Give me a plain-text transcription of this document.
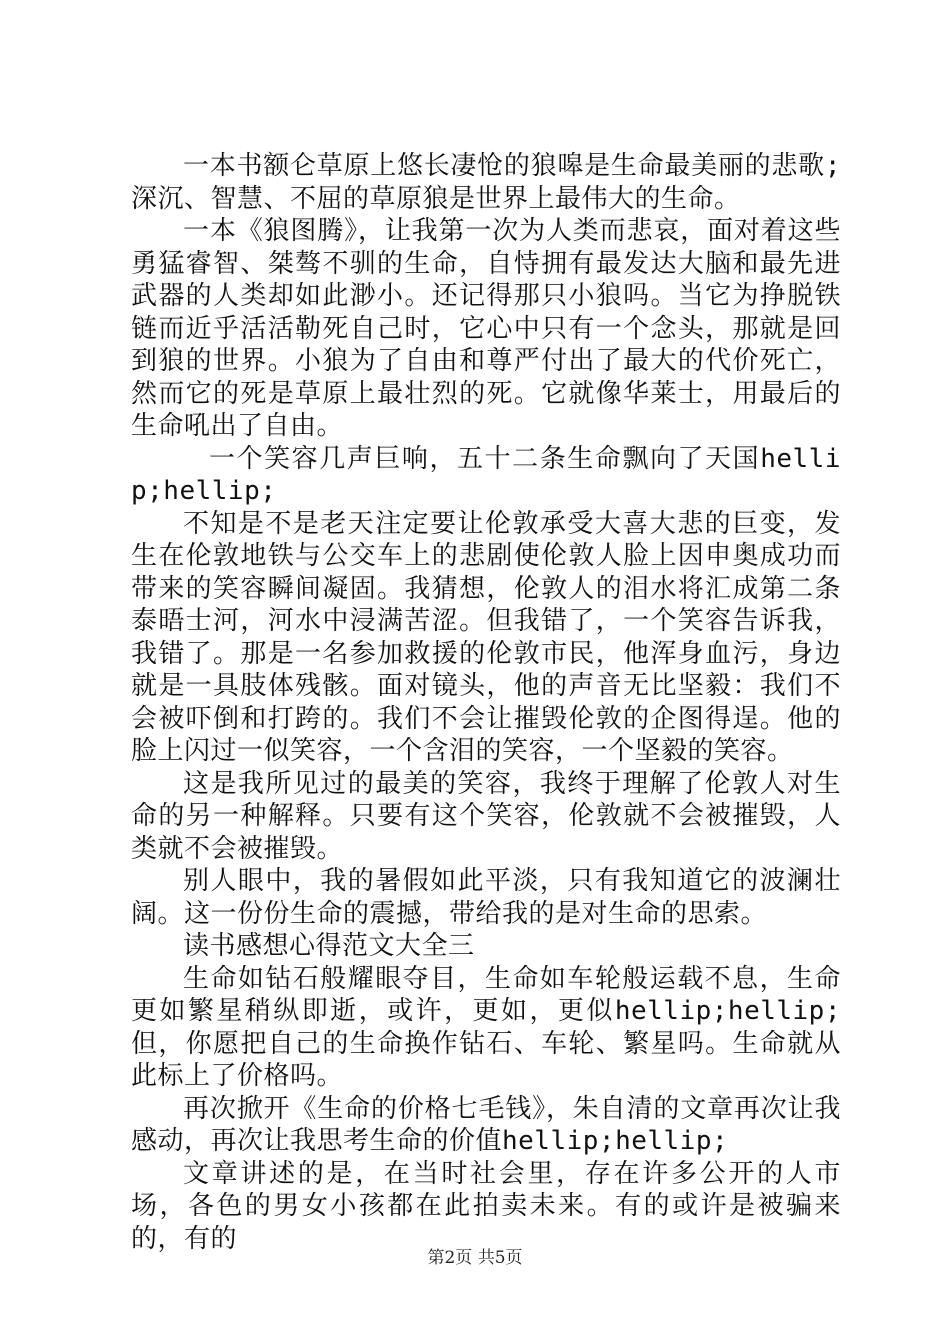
一本书额仑草原上悠长凄怆的狼嗥是生命最美丽的悲歌;深沉、智慧、不屈的草原狼是世界上最伟大的生命。

一本《狼图腾》，让我第一次为人类而悲哀，面对着这些勇猛睿智、桀骜不驯的生命，自恃拥有最发达大脑和最先进武器的人类却如此渺小。还记得那只小狼吗。当它为挣脱铁链而近乎活活勒死自己时，它心中只有一个念头，那就是回到狼的世界。小狼为了自由和尊严付出了最大的代价死亡，然而它的死是草原上最壮烈的死。它就像华莱士，用最后的生命吼出了自由。

一个笑容几声巨响，五十二条生命飘向了天国hellip;hellip;

不知是不是老天注定要让伦敦承受大喜大悲的巨变，发生在伦敦地铁与公交车上的悲剧使伦敦人脸上因申奥成功而带来的笑容瞬间凝固。我猜想，伦敦人的泪水将汇成第二条泰晤士河，河水中浸满苦涩。但我错了，一个笑容告诉我，我错了。那是一名参加救援的伦敦市民，他浑身血污，身边就是一具肢体残骸。面对镜头，他的声音无比坚毅：我们不会被吓倒和打跨的。我们不会让摧毁伦敦的企图得逞。他的脸上闪过一似笑容，一个含泪的笑容，一个坚毅的笑容。

这是我所见过的最美的笑容，我终于理解了伦敦人对生命的另一种解释。只要有这个笑容，伦敦就不会被摧毁，人类就不会被摧毁。

别人眼中，我的暑假如此平淡，只有我知道它的波澜壮阔。这一份份生命的震撼，带给我的是对生命的思索。

读书感想心得范文大全三

生命如钻石般耀眼夺目，生命如车轮般运载不息，生命更如繁星稍纵即逝，或许，更如，更似hellip;hellip;但，你愿把自己的生命换作钻石、车轮、繁星吗。生命就从此标上了价格吗。

再次掀开《生命的价格七毛钱》，朱自清的文章再次让我感动，再次让我思考生命的价值hellip;hellip;

文章讲述的是，在当时社会里，存在许多公开的人市场，各色的男女小孩都在此拍卖未来。有的或许是被骗来的，有的

第2页 共5页
